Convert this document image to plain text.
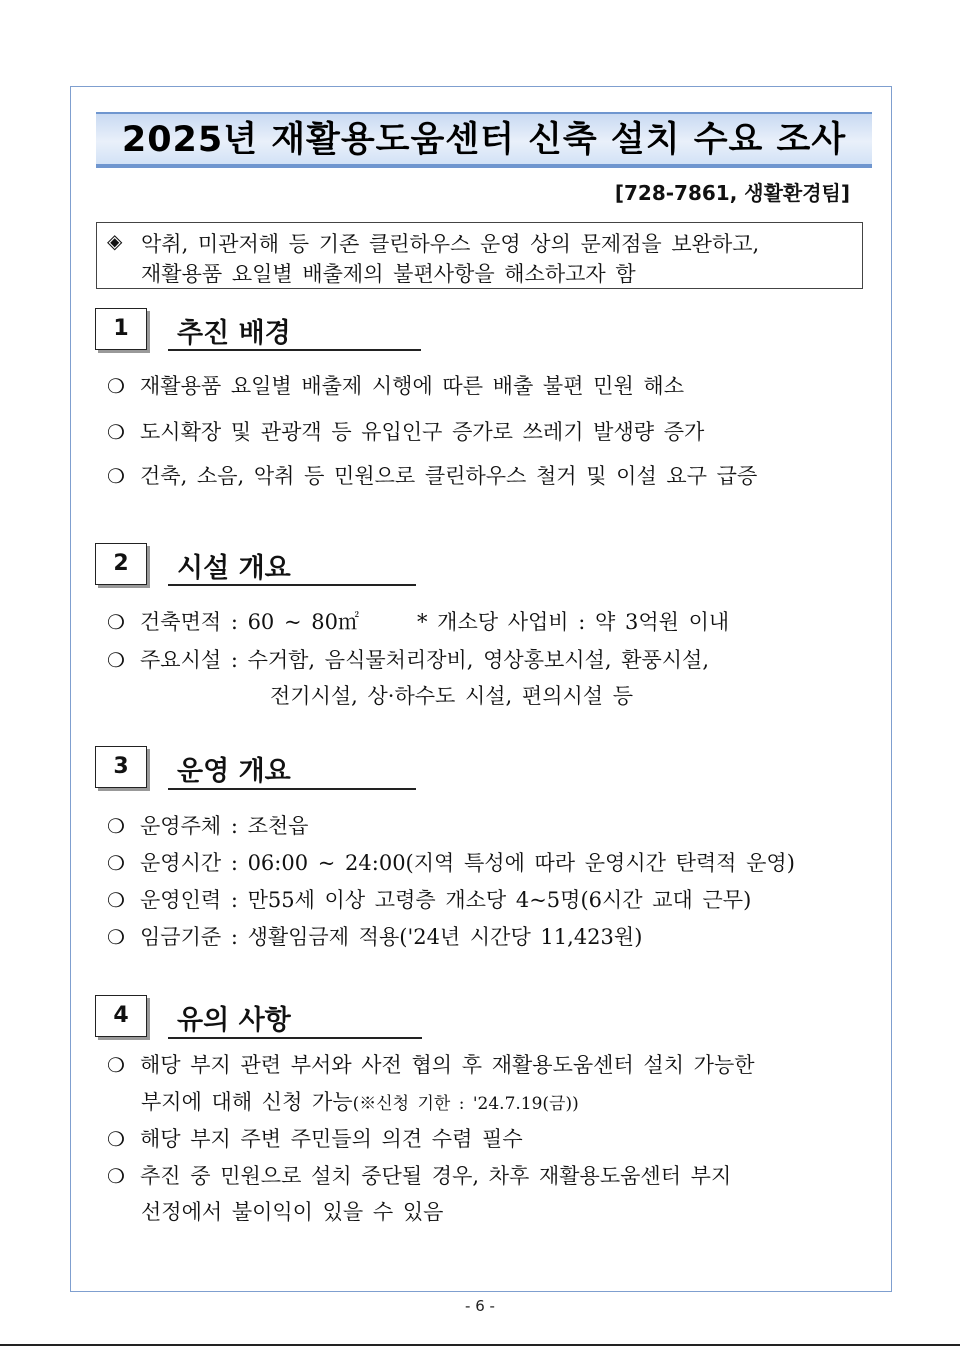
2025년 재활용도움센터 신축 설치 수요 조사
[728-7861, 생활환경팀]
◈ 악취, 미관저해 등 기존 클린하우스 운영 상의 문제점을 보완하고,
재활용품 요일별 배출제의 불편사항을 해소하고자 함
1	추진 배경
❍ 재활용품 요일별 배출제 시행에 따른 배출 불편 민원 해소
❍ 도시확장 및 관광객 등 유입인구 증가로 쓰레기 발생량 증가
❍ 건축, 소음, 악취 등 민원으로 클린하우스 철거 및 이설 요구 급증
2	시설 개요
❍ 건축면적 : 60 ~ 80㎡      * 개소당 사업비 : 약 3억원 이내
❍ 주요시설 : 수거함, 음식물처리장비, 영상홍보시설, 환풍시설,
전기시설, 상·하수도 시설, 편의시설 등
3	운영 개요
❍ 운영주체 : 조천읍
❍ 운영시간 : 06:00 ~ 24:00(지역 특성에 따라 운영시간 탄력적 운영)
❍ 운영인력 : 만55세 이상 고령층 개소당 4~5명(6시간 교대 근무)
❍ 임금기준 : 생활임금제 적용('24년 시간당 11,423원)
4	유의 사항
❍ 해당 부지 관련 부서와 사전 협의 후 재활용도움센터 설치 가능한
부지에 대해 신청 가능(※신청 기한 : '24.7.19(금))
❍ 해당 부지 주변 주민들의 의견 수렴 필수
❍ 추진 중 민원으로 설치 중단될 경우, 차후 재활용도움센터 부지
선정에서 불이익이 있을 수 있음
- 6 -
